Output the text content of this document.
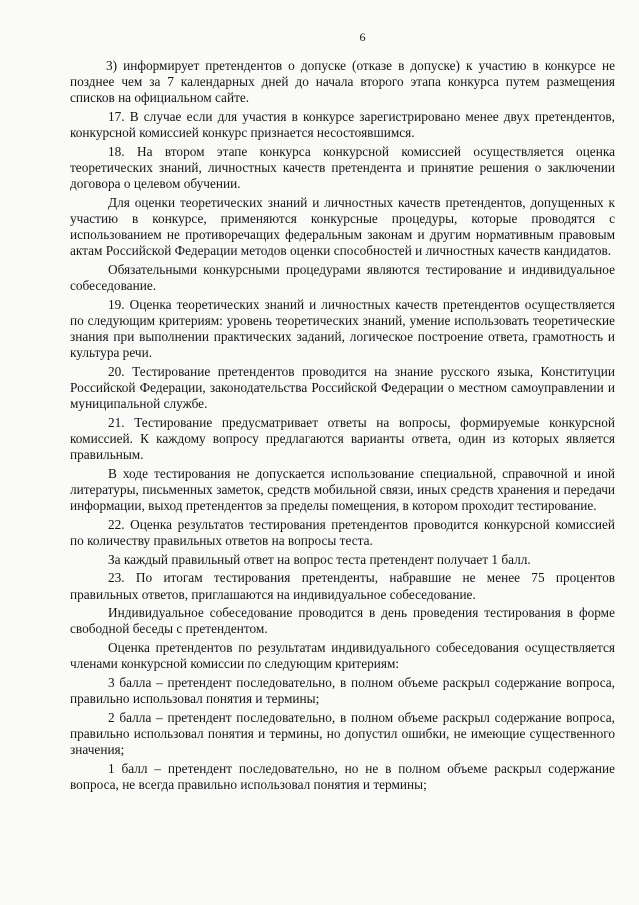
6

3) информирует претендентов о допуске (отказе в допуске) к участию в конкурсе не позднее чем за 7 календарных дней до начала второго этапа конкурса путем размещения списков на официальном сайте.

17. В случае если для участия в конкурсе зарегистрировано менее двух претендентов, конкурсной комиссией конкурс признается несостоявшимся.

18. На втором этапе конкурса конкурсной комиссией осуществляется оценка теоретических знаний, личностных качеств претендента и принятие решения о заключении договора о целевом обучении.

Для оценки теоретических знаний и личностных качеств претендентов, допущенных к участию в конкурсе, применяются конкурсные процедуры, которые проводятся с использованием не противоречащих федеральным законам и другим нормативным правовым актам Российской Федерации методов оценки способностей и личностных качеств кандидатов.

Обязательными конкурсными процедурами являются тестирование и индивидуальное собеседование.

19. Оценка теоретических знаний и личностных качеств претендентов осуществляется по следующим критериям: уровень теоретических знаний, умение использовать теоретические знания при выполнении практических заданий, логическое построение ответа, грамотность и культура речи.

20. Тестирование претендентов проводится на знание русского языка, Конституции Российской Федерации, законодательства Российской Федерации о местном самоуправлении и муниципальной службе.

21. Тестирование предусматривает ответы на вопросы, формируемые конкурсной комиссией. К каждому вопросу предлагаются варианты ответа, один из которых является правильным.

В ходе тестирования не допускается использование специальной, справочной и иной литературы, письменных заметок, средств мобильной связи, иных средств хранения и передачи информации, выход претендентов за пределы помещения, в котором проходит тестирование.

22. Оценка результатов тестирования претендентов проводится конкурсной комиссией по количеству правильных ответов на вопросы теста.

За каждый правильный ответ на вопрос теста претендент получает 1 балл.

23. По итогам тестирования претенденты, набравшие не менее 75 процентов правильных ответов, приглашаются на индивидуальное собеседование.

Индивидуальное собеседование проводится в день проведения тестирования в форме свободной беседы с претендентом.

Оценка претендентов по результатам индивидуального собеседования осуществляется членами конкурсной комиссии по следующим критериям:

3 балла – претендент последовательно, в полном объеме раскрыл содержание вопроса, правильно использовал понятия и термины;

2 балла – претендент последовательно, в полном объеме раскрыл содержание вопроса, правильно использовал понятия и термины, но допустил ошибки, не имеющие существенного значения;

1 балл – претендент последовательно, но не в полном объеме раскрыл содержание вопроса, не всегда правильно использовал понятия и термины;
